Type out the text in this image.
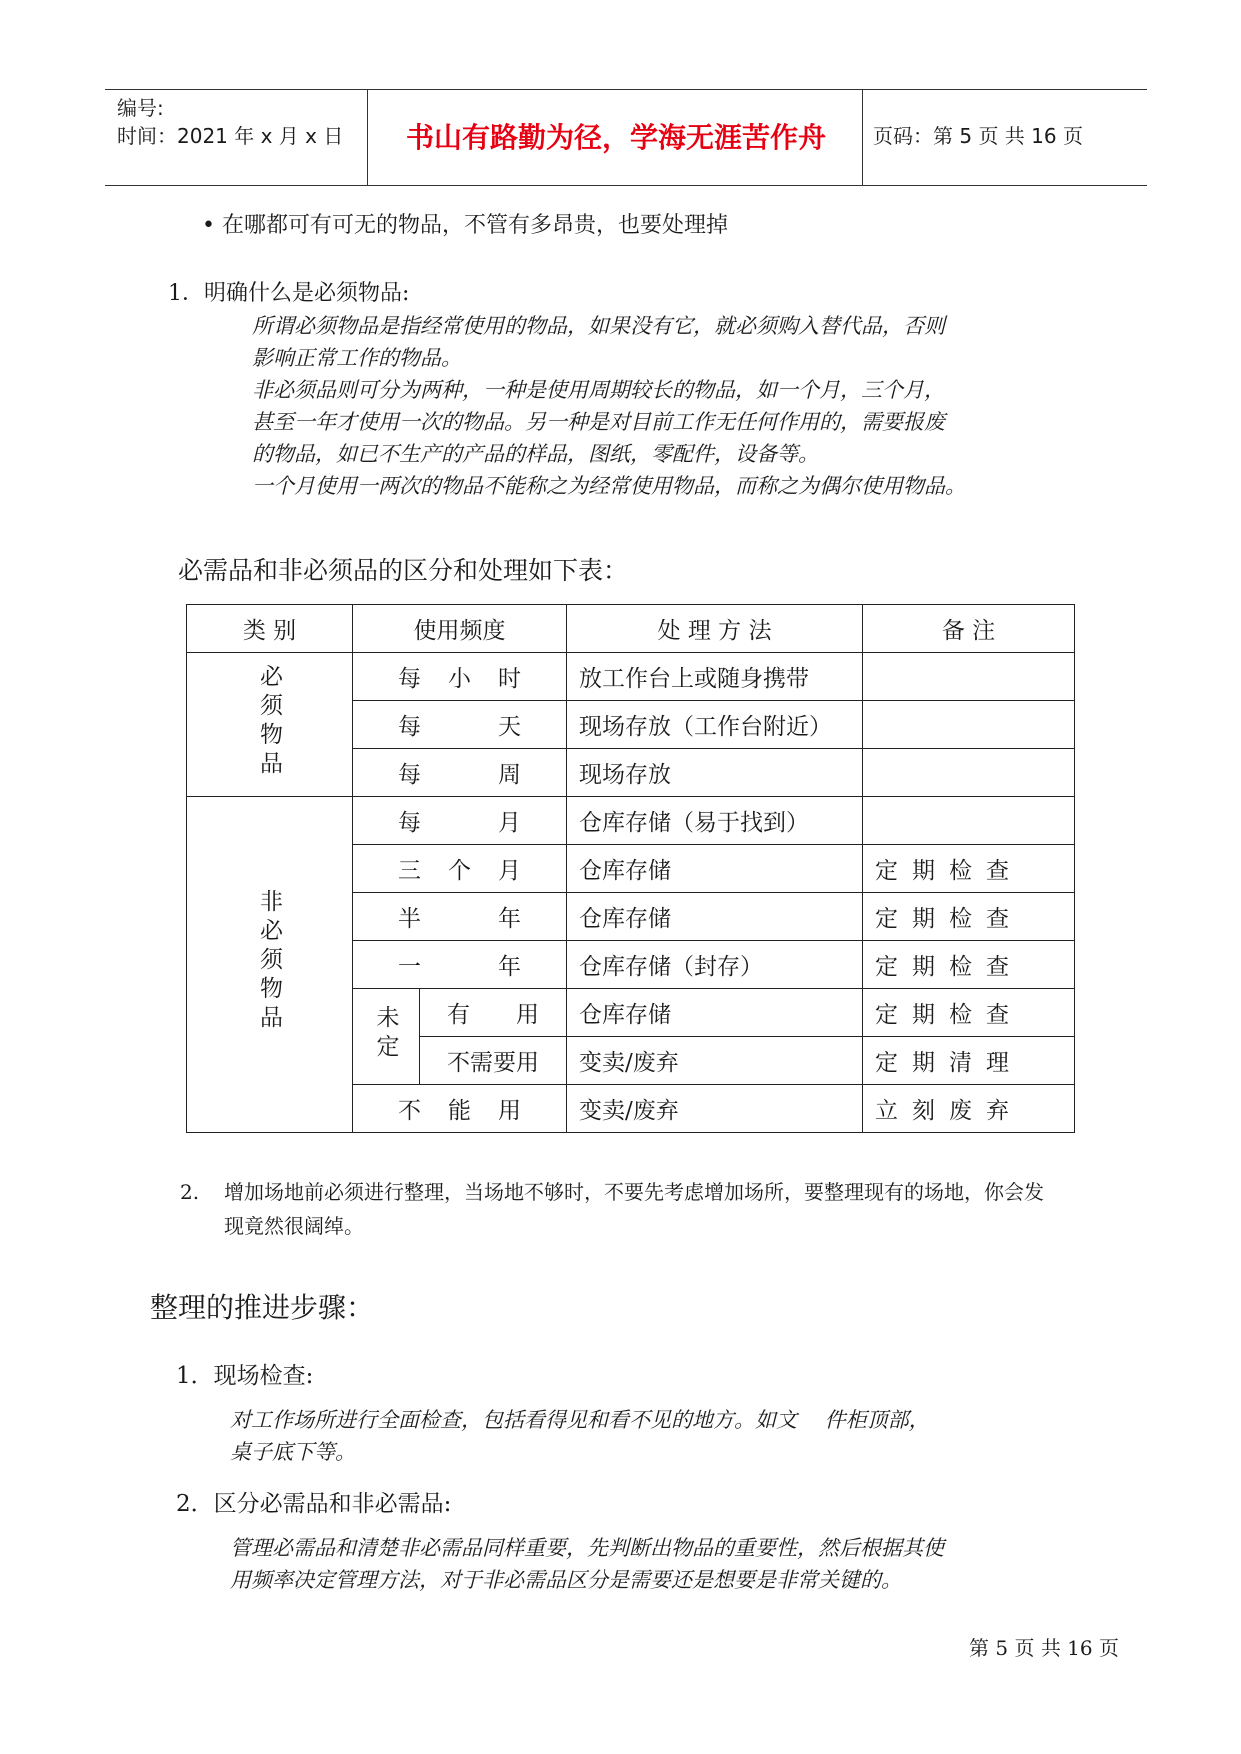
编号:
时间：2021 年 x 月 x 日	书山有路勤为径，学海无涯苦作舟	页码：第 5 页 共 16 页
• 在哪都可有可无的物品，不管有多昂贵，也要处理掉
1．明确什么是必须物品:
所谓必须物品是指经常使用的物品，如果没有它，就必须购入替代品，否则
影响正常工作的物品。
非必须品则可分为两种，一种是使用周期较长的物品，如一个月，三个月，
甚至一年才使用一次的物品。另一种是对目前工作无任何作用的，需要报废
的物品，如已不生产的产品的样品，图纸，零配件，设备等。
一个月使用一两次的物品不能称之为经常使用物品，而称之为偶尔使用物品。
必需品和非必须品的区分和处理如下表：
类 别	使用频度		处 理 方 法	备 注
必须物品	每 小 时		放工作台上或随身携带	

	每 天		现场存放（工作台附近）	

	每 周		现场存放	
非必须物品	每 月		仓库存储（易于找到）	

	三 个 月		仓库存储	定期检查

	半 年		仓库存储	定期检查

	一 年		仓库存储（封存）	定期检查
	未定	有　　用	仓库存储	定期检查
		不需要用	变卖/废弃	定期清理

	不 能 用		变卖/废弃	立刻废弃
2. 增加场地前必须进行整理，当场地不够时，不要先考虑增加场所，要整理现有的场地，你会发
现竟然很阔绰。
整理的推进步骤：
1．现场检查:
对工作场所进行全面检查，包括看得见和看不见的地方。如文　 件柜顶部，
桌子底下等。
2．区分必需品和非必需品:
管理必需品和清楚非必需品同样重要，先判断出物品的重要性，然后根据其使
用频率决定管理方法，对于非必需品区分是需要还是想要是非常关键的。
第 5 页 共 16 页
